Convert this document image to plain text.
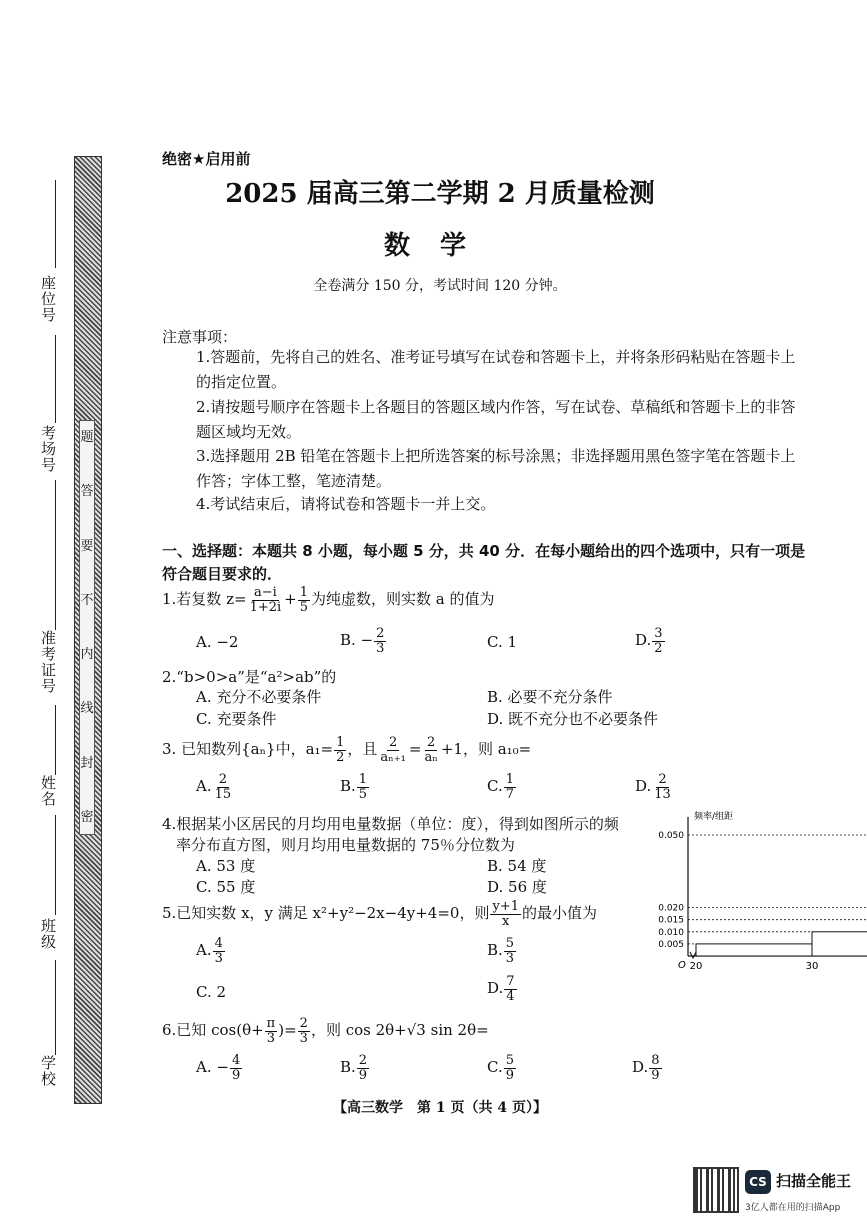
座位号
考场号
准考证号
姓名
班级
学校
题
答
要
不
内
线
封
密
绝密★启用前
2025 届高三第二学期 2 月质量检测
数学
全卷满分 150 分，考试时间 120 分钟。
注意事项：
1.答题前，先将自己的姓名、准考证号填写在试卷和答题卡上，并将条形码粘贴在答题卡上的指定位置。
2.请按题号顺序在答题卡上各题目的答题区域内作答，写在试卷、草稿纸和答题卡上的非答题区域均无效。
3.选择题用 2B 铅笔在答题卡上把所选答案的标号涂黑；非选择题用黑色签字笔在答题卡上作答；字体工整，笔迹清楚。
4.考试结束后，请将试卷和答题卡一并上交。
一、选择题：本题共 8 小题，每小题 5 分，共 40 分．在每小题给出的四个选项中，只有一项是符合题目要求的．
1.若复数 $z= \frac{a-i}{1+2i} + \frac{1}{5}$ 为纯虚数，则实数 a 的值为
A. −2	B. − $\frac{2}{3}$	C. 1	D. $\frac{3}{2}$
2.“b>0>a”是“a²>ab”的
A. 充分不必要条件	B. 必要不充分条件
C. 充要条件	D. 既不充分也不必要条件
3. 已知数列{aₙ}中，$a_1= \frac{1}{2}$ ，且 $\frac{2}{\text{aₙ₊₁}} = \frac{2}{\text{aₙ}} +1$，则 a₁₀=
A. $\frac{2}{15}$	B. $\frac{1}{5}$	C. $\frac{1}{7}$	D. $\frac{2}{13}$
4.根据某小区居民的月均用电量数据（单位：度），得到如图所示的频
率分布直方图，则月均用电量数据的 75％分位数为
A. 53 度	B. 54 度
C. 55 度	D. 56 度
5.已知实数 x，y 满足 x²+y²−2x−4y+4=0，则 $\frac{y+1}{x}$ 的最小值为
A. $\frac{4}{3}$	B. $\frac{5}{3}$
C. 2	D. $\frac{7}{4}$
6.已知 $\cos(\theta+ \frac{\pi}{3}$ )= $\frac{2}{3}$ ，则 cos 2θ+√3 sin 2θ=
A. − $\frac{4}{9}$	B. $\frac{2}{9}$	C. $\frac{5}{9}$	D. $\frac{8}{9}$
频率/组距
O
0.005
0.010
0.015
0.020
0.050
20	30
【高三数学　第 1 页（共 4 页）】
CS 扫描全能王
3亿人都在用的扫描App
